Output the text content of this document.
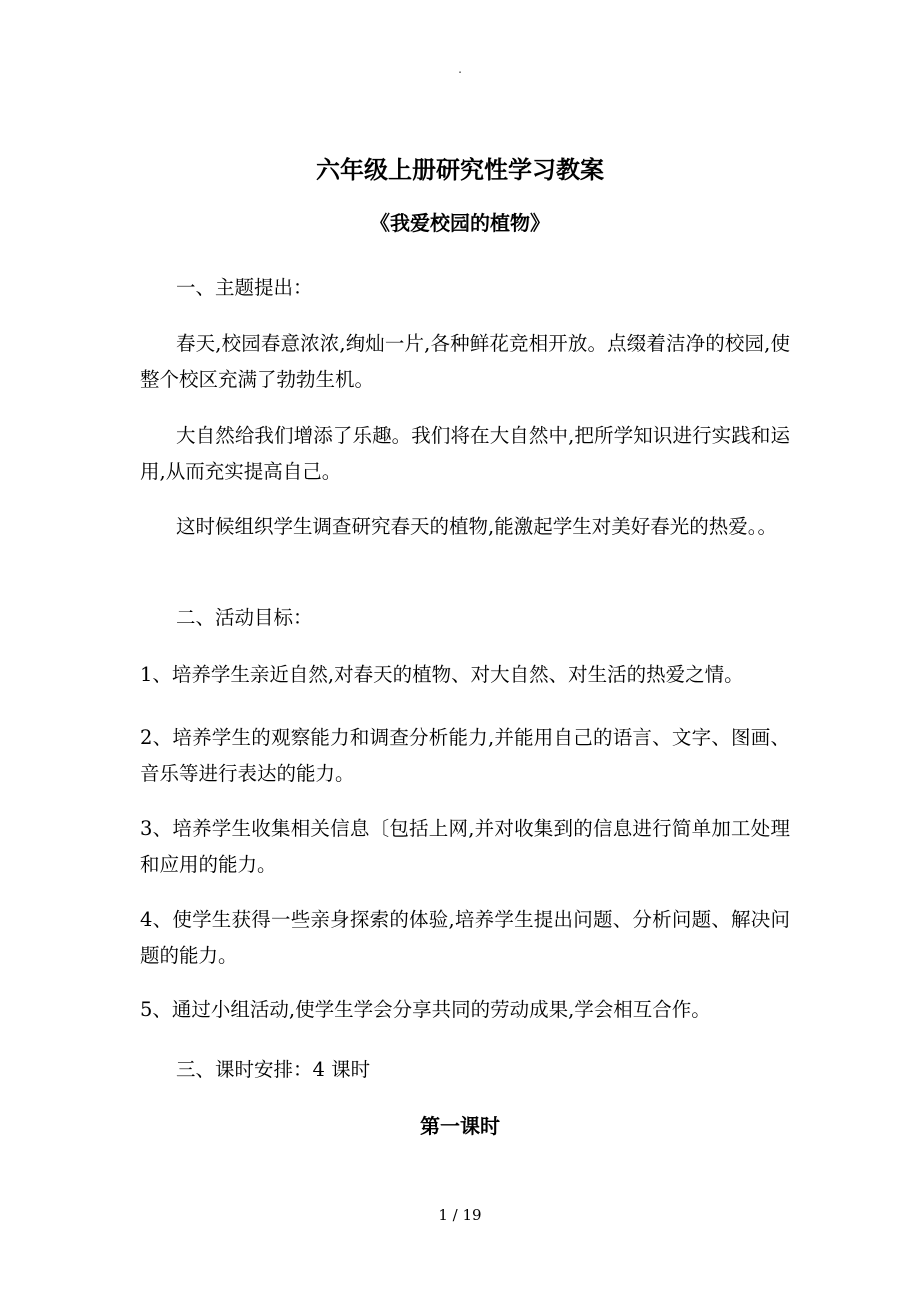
.
六年级上册研究性学习教案
《我爱校园的植物》

一、主题提出：

春天,校园春意浓浓,绚灿一片,各种鲜花竞相开放。点缀着洁净的校园,使整个校区充满了勃勃生机。

大自然给我们增添了乐趣。我们将在大自然中,把所学知识进行实践和运用,从而充实提高自己。

这时候组织学生调查研究春天的植物,能激起学生对美好春光的热爱。。

二、活动目标：

1、培养学生亲近自然,对春天的植物、对大自然、对生活的热爱之情。

2、培养学生的观察能力和调查分析能力,并能用自己的语言、文字、图画、音乐等进行表达的能力。

3、培养学生收集相关信息〔包括上网,并对收集到的信息进行简单加工处理和应用的能力。

4、使学生获得一些亲身探索的体验,培养学生提出问题、分析问题、解决问题的能力。

5、通过小组活动,使学生学会分享共同的劳动成果,学会相互合作。

三、课时安排：4 课时

第一课时
1 / 19
